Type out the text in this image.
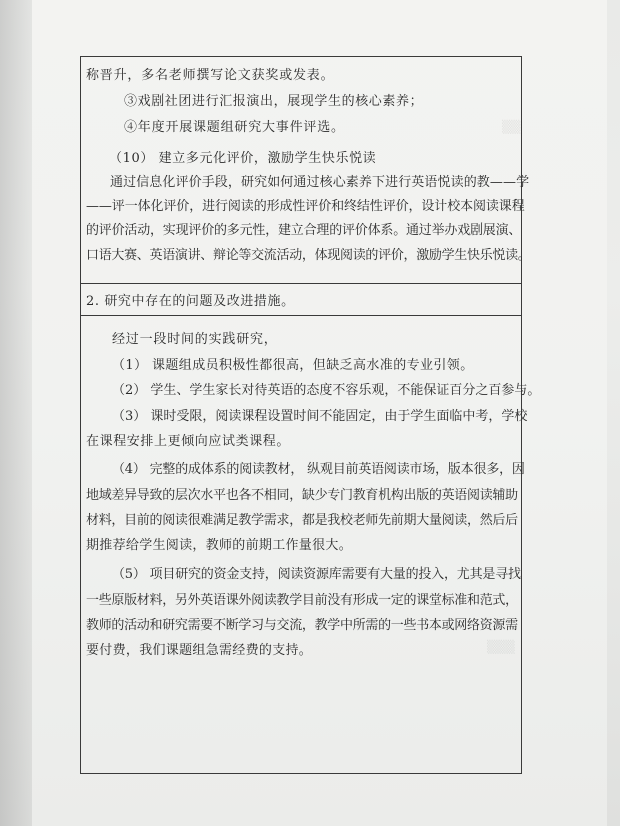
▒▒
▒▒▒
称晋升，多名老师撰写论文获奖或发表。
③戏剧社团进行汇报演出，展现学生的核心素养；
④年度开展课题组研究大事件评选。
（10） 建立多元化评价，激励学生快乐悦读
通过信息化评价手段，研究如何通过核心素养下进行英语悦读的教——学
——评一体化评价，进行阅读的形成性评价和终结性评价，设计校本阅读课程
的评价活动，实现评价的多元性，建立合理的评价体系。通过举办戏剧展演、
口语大赛、英语演讲、辩论等交流活动，体现阅读的评价，激励学生快乐悦读。
2. 研究中存在的问题及改进措施。
经过一段时间的实践研究，
（1） 课题组成员积极性都很高，但缺乏高水准的专业引领。
（2） 学生、学生家长对待英语的态度不容乐观，不能保证百分之百参与。
（3） 课时受限，阅读课程设置时间不能固定，由于学生面临中考，学校
在课程安排上更倾向应试类课程。
（4） 完整的成体系的阅读教材， 纵观目前英语阅读市场，版本很多，因
地域差异导致的层次水平也各不相同，缺少专门教育机构出版的英语阅读辅助
材料，目前的阅读很难满足教学需求，都是我校老师先前期大量阅读，然后后
期推荐给学生阅读，教师的前期工作量很大。
（5） 项目研究的资金支持，阅读资源库需要有大量的投入，尤其是寻找
一些原版材料，另外英语课外阅读教学目前没有形成一定的课堂标准和范式，
教师的活动和研究需要不断学习与交流，教学中所需的一些书本或网络资源需
要付费，我们课题组急需经费的支持。
